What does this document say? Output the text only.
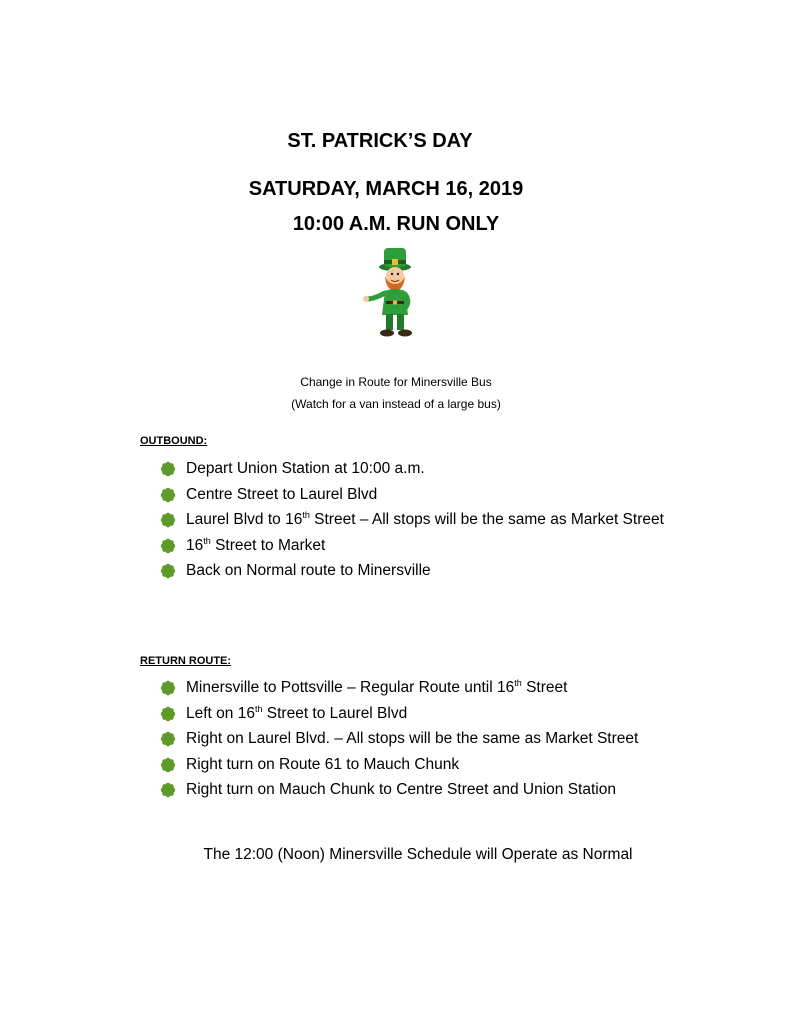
ST. PATRICK’S DAY
SATURDAY, MARCH 16, 2019
10:00 A.M. RUN ONLY
Change in Route for Minersville Bus
(Watch for a van instead of a large bus)
OUTBOUND:
Depart Union Station at 10:00 a.m.
Centre Street to Laurel Blvd
Laurel Blvd to 16th Street – All stops will be the same as Market Street
16th Street to Market
Back on Normal route to Minersville
RETURN ROUTE:
Minersville to Pottsville – Regular Route until 16th Street
Left on 16th Street to Laurel Blvd
Right on Laurel Blvd. – All stops will be the same as Market Street
Right turn on Route 61 to Mauch Chunk
Right turn on Mauch Chunk to Centre Street and Union Station
The 12:00 (Noon) Minersville Schedule will Operate as Normal
